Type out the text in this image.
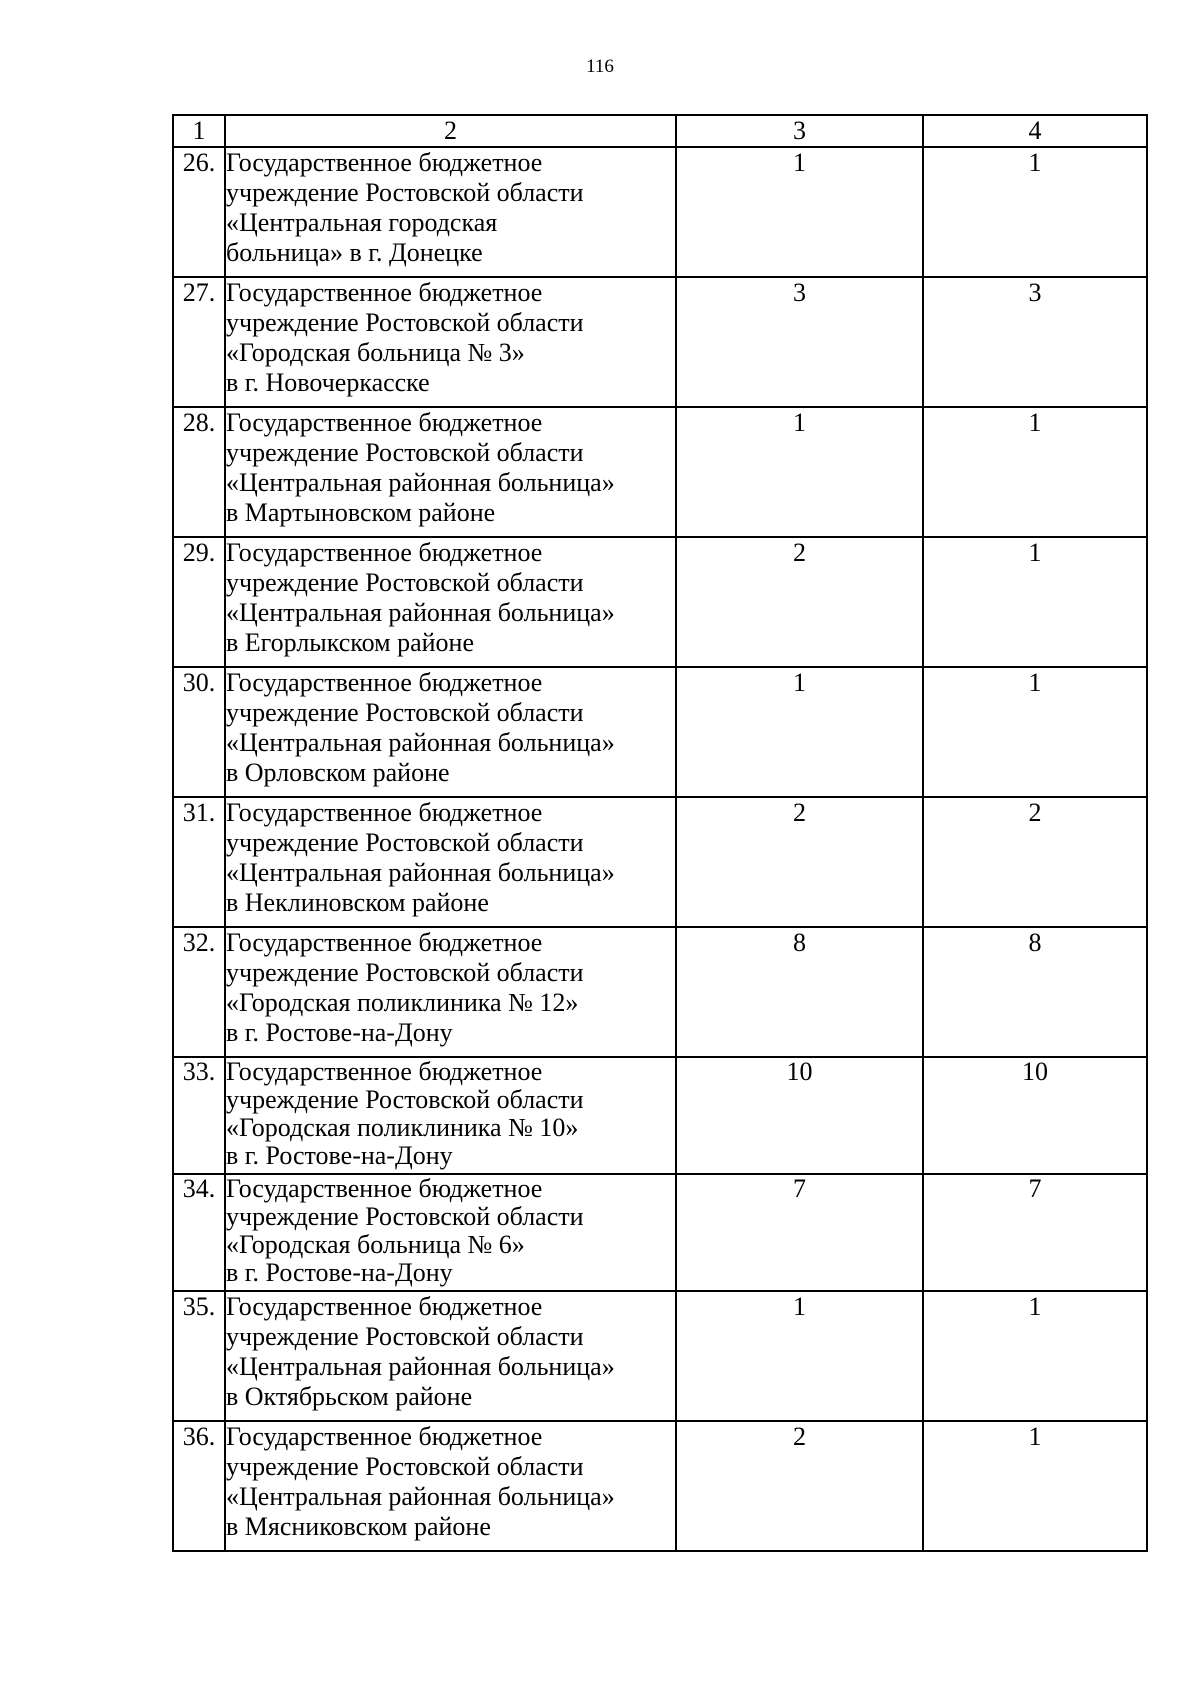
116
1	2	3	4
26.	Государственное бюджетное
учреждение Ростовской области
«Центральная городская
больница» в г. Донецке	1	1
27.	Государственное бюджетное
учреждение Ростовской области
«Городская больница № 3»
в г. Новочеркасске	3	3
28.	Государственное бюджетное
учреждение Ростовской области
«Центральная районная больница»
в Мартыновском районе	1	1
29.	Государственное бюджетное
учреждение Ростовской области
«Центральная районная больница»
в Егорлыкском районе	2	1
30.	Государственное бюджетное
учреждение Ростовской области
«Центральная районная больница»
в Орловском районе	1	1
31.	Государственное бюджетное
учреждение Ростовской области
«Центральная районная больница»
в Неклиновском районе	2	2
32.	Государственное бюджетное
учреждение Ростовской области
«Городская поликлиника № 12»
в г. Ростове-на-Дону	8	8
33.	Государственное бюджетное
учреждение Ростовской области
«Городская поликлиника № 10»
в г. Ростове-на-Дону	10	10
34.	Государственное бюджетное
учреждение Ростовской области
«Городская больница № 6»
в г. Ростове-на-Дону	7	7
35.	Государственное бюджетное
учреждение Ростовской области
«Центральная районная больница»
в Октябрьском районе	1	1
36.	Государственное бюджетное
учреждение Ростовской области
«Центральная районная больница»
в Мясниковском районе	2	1
